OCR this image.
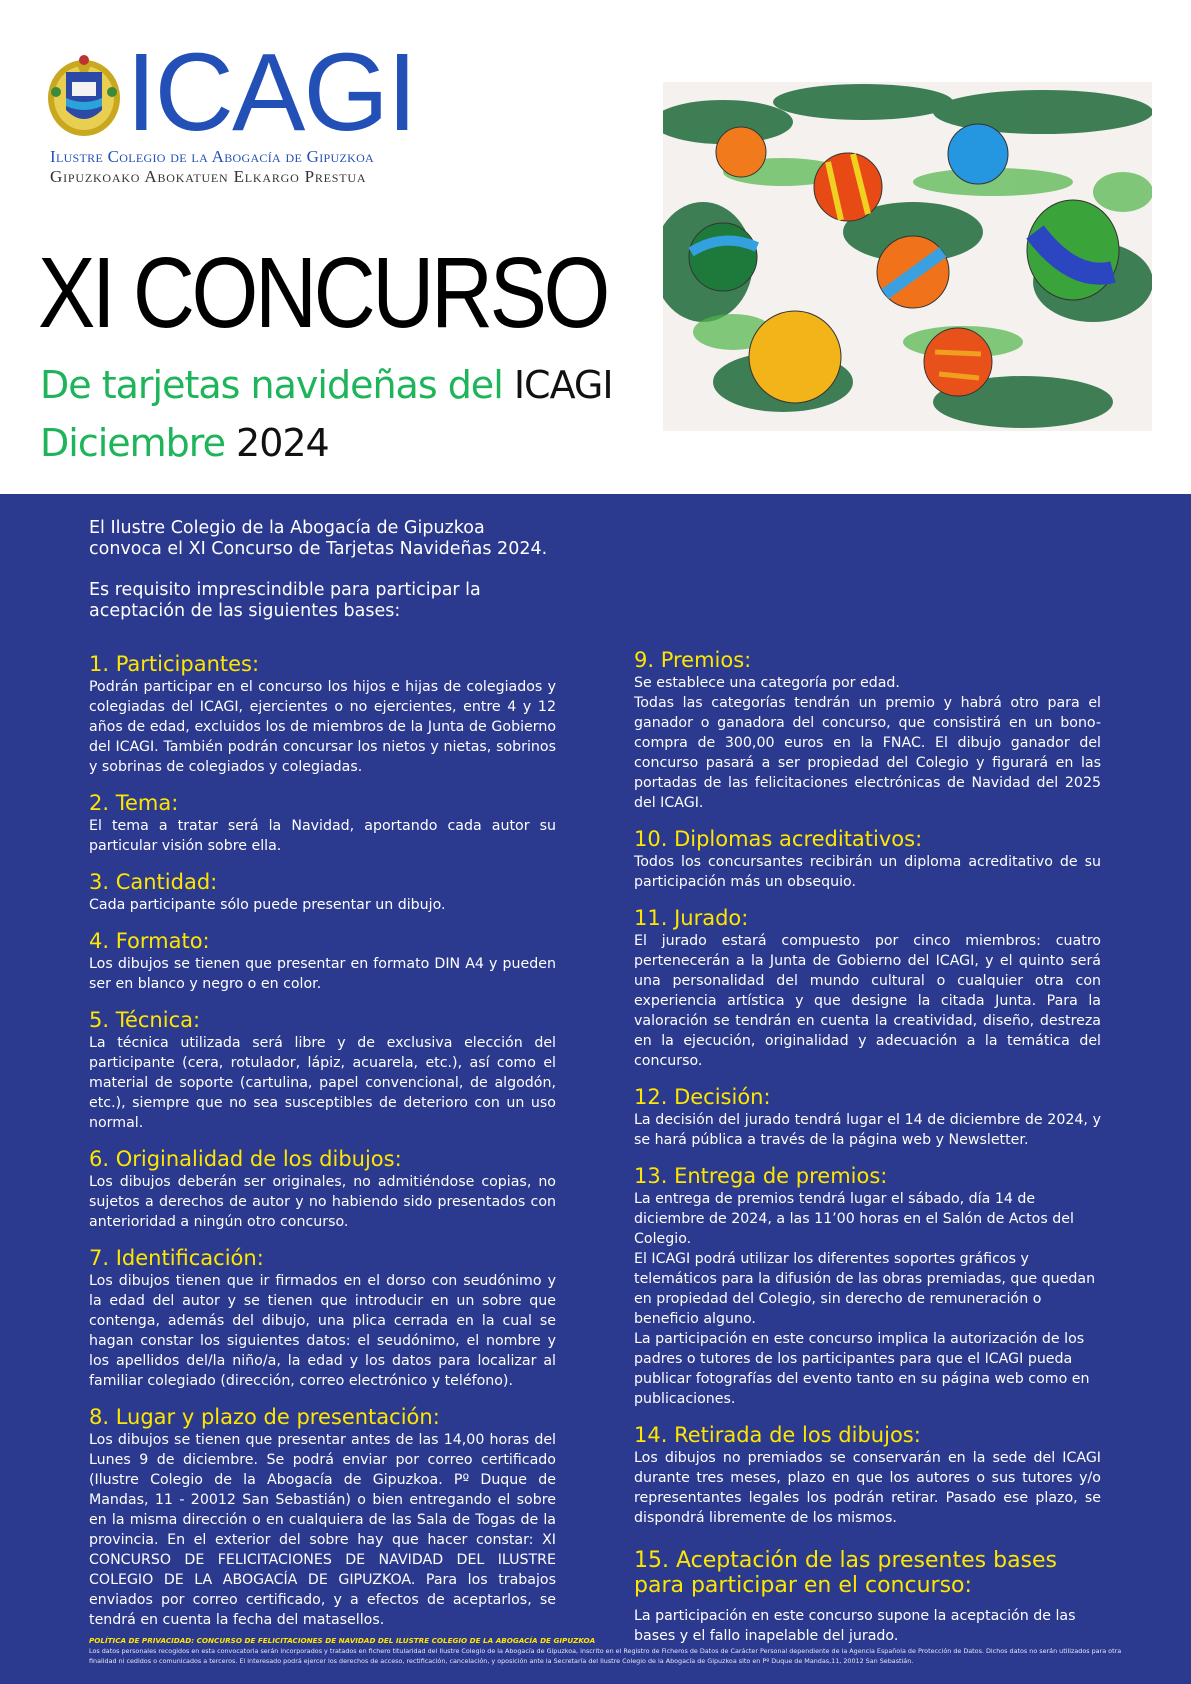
ICAGI
Ilustre Colegio de la Abogacía de Gipuzkoa
Gipuzkoako Abokatuen Elkargo Prestua
XI CONCURSO
De tarjetas navideñas del ICAGI
Diciembre 2024

El Ilustre Colegio de la Abogacía de Gipuzkoa convoca el XI Concurso de Tarjetas Navideñas 2024.

Es requisito imprescindible para participar la aceptación de las siguientes bases:

1. Participantes:

Podrán participar en el concurso los hijos e hijas de colegiados y colegiadas del ICAGI, ejercientes o no ejercientes, entre 4 y 12 años de edad, excluidos los de miembros de la Junta de Gobierno del ICAGI. También podrán concursar los nietos y nietas, sobrinos y sobrinas de colegiados y colegiadas.

2. Tema:

El tema a tratar será la Navidad, aportando cada autor su particular visión sobre ella.

3. Cantidad:

Cada participante sólo puede presentar un dibujo.

4. Formato:

Los dibujos se tienen que presentar en formato DIN A4 y pueden ser en blanco y negro o en color.

5. Técnica:

La técnica utilizada será libre y de exclusiva elección del participante (cera, rotulador, lápiz, acuarela, etc.), así como el material de soporte (cartulina, papel convencional, de algodón, etc.), siempre que no sea susceptibles de deterioro con un uso normal.

6. Originalidad de los dibujos:

Los dibujos deberán ser originales, no admitiéndose copias, no sujetos a derechos de autor y no habiendo sido presentados con anterioridad a ningún otro concurso.

7. Identificación:

Los dibujos tienen que ir firmados en el dorso con seudónimo y la edad del autor y se tienen que introducir en un sobre que contenga, además del dibujo, una plica cerrada en la cual se hagan constar los siguientes datos: el seudónimo, el nombre y los apellidos del/la niño/a, la edad y los datos para localizar al familiar colegiado (dirección, correo electrónico y teléfono).

8. Lugar y plazo de presentación:

Los dibujos se tienen que presentar antes de las 14,00 horas del Lunes 9 de diciembre. Se podrá enviar por correo certificado (Ilustre Colegio de la Abogacía de Gipuzkoa. Pº Duque de Mandas, 11 - 20012 San Sebastián) o bien entregando el sobre en la misma dirección o en cualquiera de las Sala de Togas de la provincia. En el exterior del sobre hay que hacer constar: XI CONCURSO DE FELICITACIONES DE NAVIDAD DEL ILUSTRE COLEGIO DE LA ABOGACÍA DE GIPUZKOA. Para los trabajos enviados por correo certificado, y a efectos de aceptarlos, se tendrá en cuenta la fecha del matasellos.

9. Premios:

Se establece una categoría por edad.

Todas las categorías tendrán un premio y habrá otro para el ganador o ganadora del concurso, que consistirá en un bono-compra de 300,00 euros en la FNAC. El dibujo ganador del concurso pasará a ser propiedad del Colegio y figurará en las portadas de las felicitaciones electrónicas de Navidad del 2025 del ICAGI.

10. Diplomas acreditativos:

Todos los concursantes recibirán un diploma acreditativo de su participación más un obsequio.

11. Jurado:

El jurado estará compuesto por cinco miembros: cuatro pertenecerán a la Junta de Gobierno del ICAGI, y el quinto será una personalidad del mundo cultural o cualquier otra con experiencia artística y que designe la citada Junta. Para la valoración se tendrán en cuenta la creatividad, diseño, destreza en la ejecución, originalidad y adecuación a la temática del concurso.

12. Decisión:

La decisión del jurado tendrá lugar el 14 de diciembre de 2024, y se hará pública a través de la página web y Newsletter.

13. Entrega de premios:

La entrega de premios tendrá lugar el sábado, día 14 de diciembre de 2024, a las 11’00 horas en el Salón de Actos del Colegio.

El ICAGI podrá utilizar los diferentes soportes gráficos y telemáticos para la difusión de las obras premiadas, que quedan en propiedad del Colegio, sin derecho de remuneración o beneficio alguno.

La participación en este concurso implica la autorización de los padres o tutores de los participantes para que el ICAGI pueda publicar fotografías del evento tanto en su página web como en publicaciones.

14. Retirada de los dibujos:

Los dibujos no premiados se conservarán en la sede del ICAGI durante tres meses, plazo en que los autores o sus tutores y/o representantes legales los podrán retirar. Pasado ese plazo, se dispondrá libremente de los mismos.

15. Aceptación de las presentes bases para participar en el concurso:

La participación en este concurso supone la aceptación de las bases y el fallo inapelable del jurado.

POLÍTICA DE PRIVACIDAD: CONCURSO DE FELICITACIONES DE NAVIDAD DEL ILUSTRE COLEGIO DE LA ABOGACÍA DE GIPUZKOA
Los datos personales recogidos en esta convocatoria serán incorporados y tratados en fichero titularidad del Ilustre Colegio de la Abogacía de Gipuzkoa, inscrito en el Registro de Ficheros de Datos de Carácter Personal dependiente de la Agencia Española de Protección de Datos. Dichos datos no serán utilizados para otra finalidad ni cedidos o comunicados a terceros. El interesado podrá ejercer los derechos de acceso, rectificación, cancelación, y oposición ante la Secretaría del Ilustre Colegio de la Abogacía de Gipuzkoa sito en Pº Duque de Mandas,11, 20012 San Sebastián.
